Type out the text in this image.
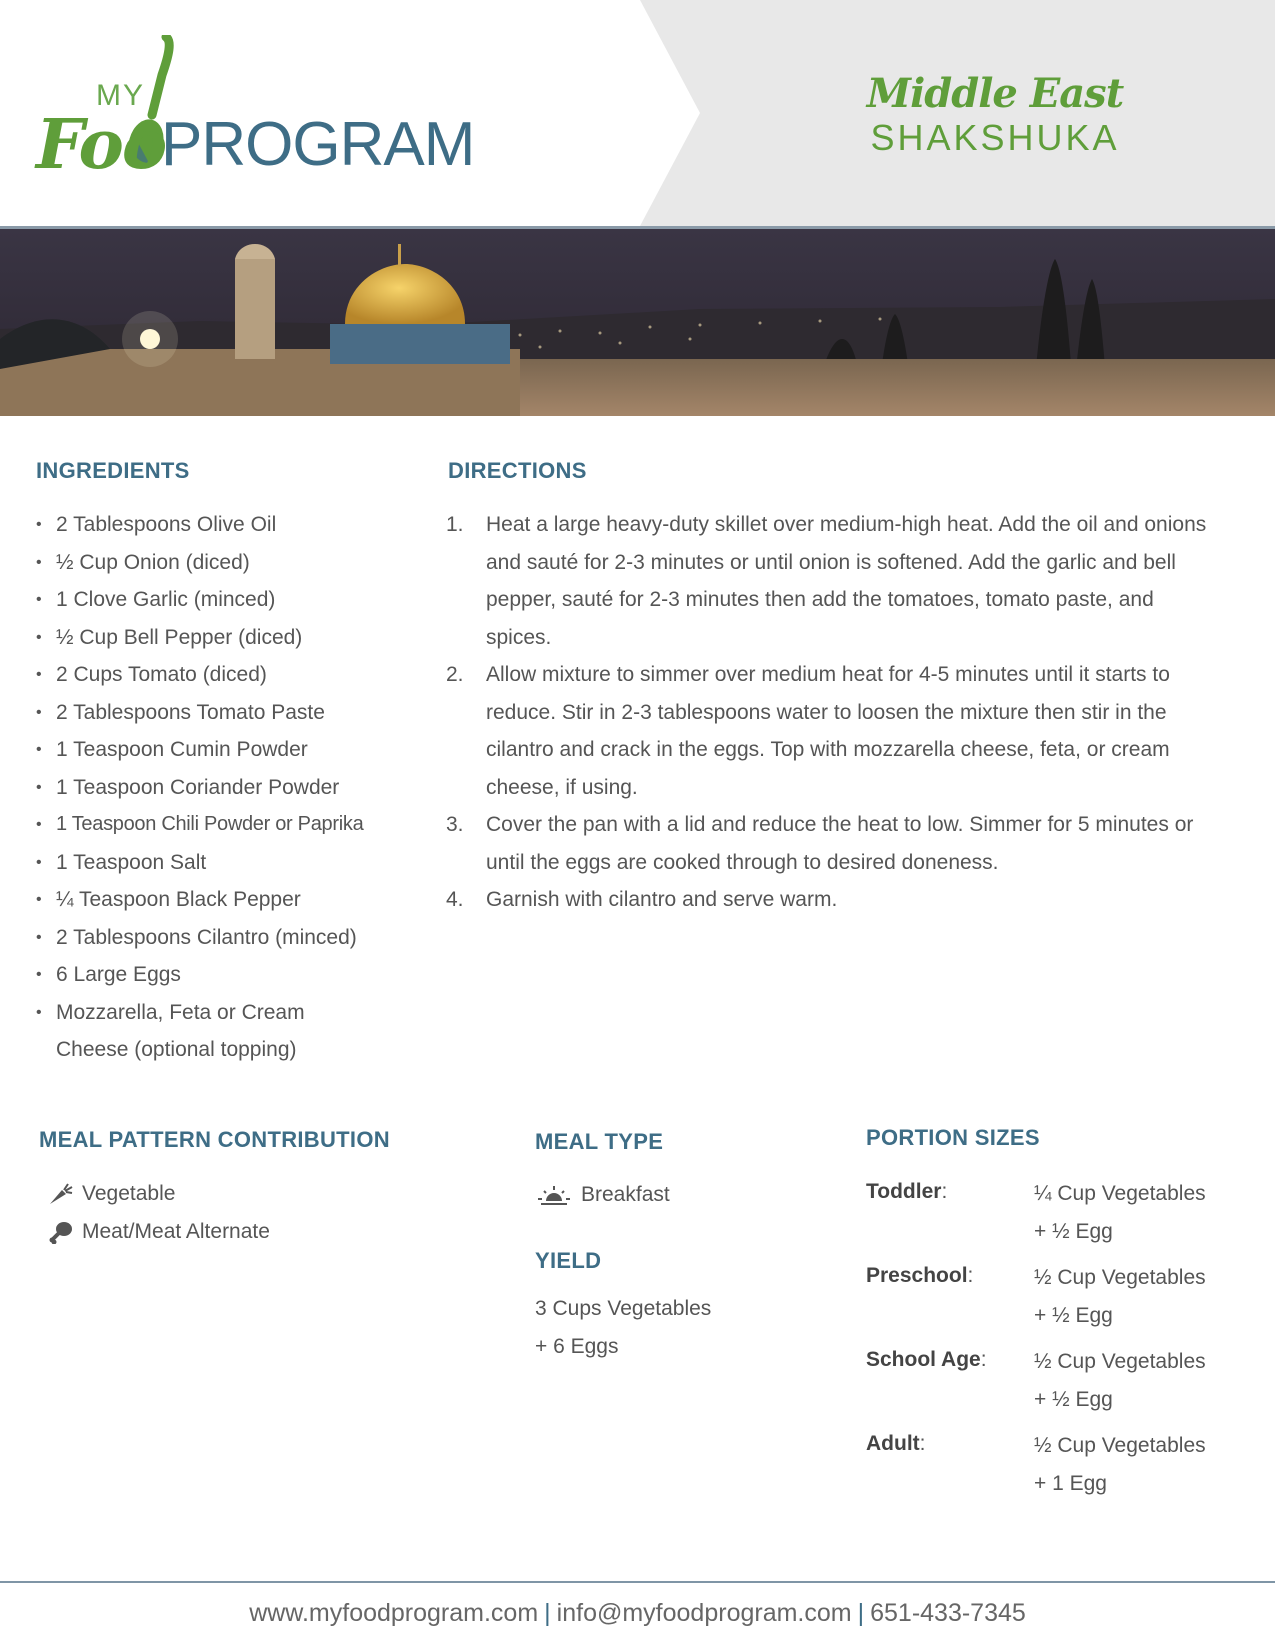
MY
Foo
PROGRAM
Middle East
SHAKSHUKA
INGREDIENTS
• 2 Tablespoons Olive Oil
• ½ Cup Onion (diced)
• 1 Clove Garlic (minced)
• ½ Cup Bell Pepper (diced)
• 2 Cups Tomato (diced)
• 2 Tablespoons Tomato Paste
• 1 Teaspoon Cumin Powder
• 1 Teaspoon Coriander Powder
• 1 Teaspoon Chili Powder or Paprika
• 1 Teaspoon Salt
• ¼ Teaspoon Black Pepper
• 2 Tablespoons Cilantro (minced)
• 6 Large Eggs
• Mozzarella, Feta or Cream Cheese (optional topping)
DIRECTIONS
1. Heat a large heavy-duty skillet over medium-high heat. Add the oil and onions and sauté for 2-3 minutes or until onion is softened. Add the garlic and bell pepper, sauté for 2-3 minutes then add the tomatoes, tomato paste, and spices.
2. Allow mixture to simmer over medium heat for 4-5 minutes until it starts to reduce. Stir in 2-3 tablespoons water to loosen the mixture then stir in the cilantro and crack in the eggs. Top with mozzarella cheese, feta, or cream cheese, if using.
3. Cover the pan with a lid and reduce the heat to low. Simmer for 5 minutes or until the eggs are cooked through to desired doneness.
4. Garnish with cilantro and serve warm.
MEAL PATTERN CONTRIBUTION
Vegetable
Meat/Meat Alternate
MEAL TYPE
Breakfast
YIELD
3 Cups Vegetables
+ 6 Eggs
PORTION SIZES
Toddler:	¼ Cup Vegetables
+ ½ Egg
Preschool:	½ Cup Vegetables
+ ½ Egg
School Age: ½ Cup Vegetables
+ ½ Egg
Adult:	½ Cup Vegetables
+ 1 Egg
www.myfoodprogram.com | info@myfoodprogram.com | 651-433-7345
